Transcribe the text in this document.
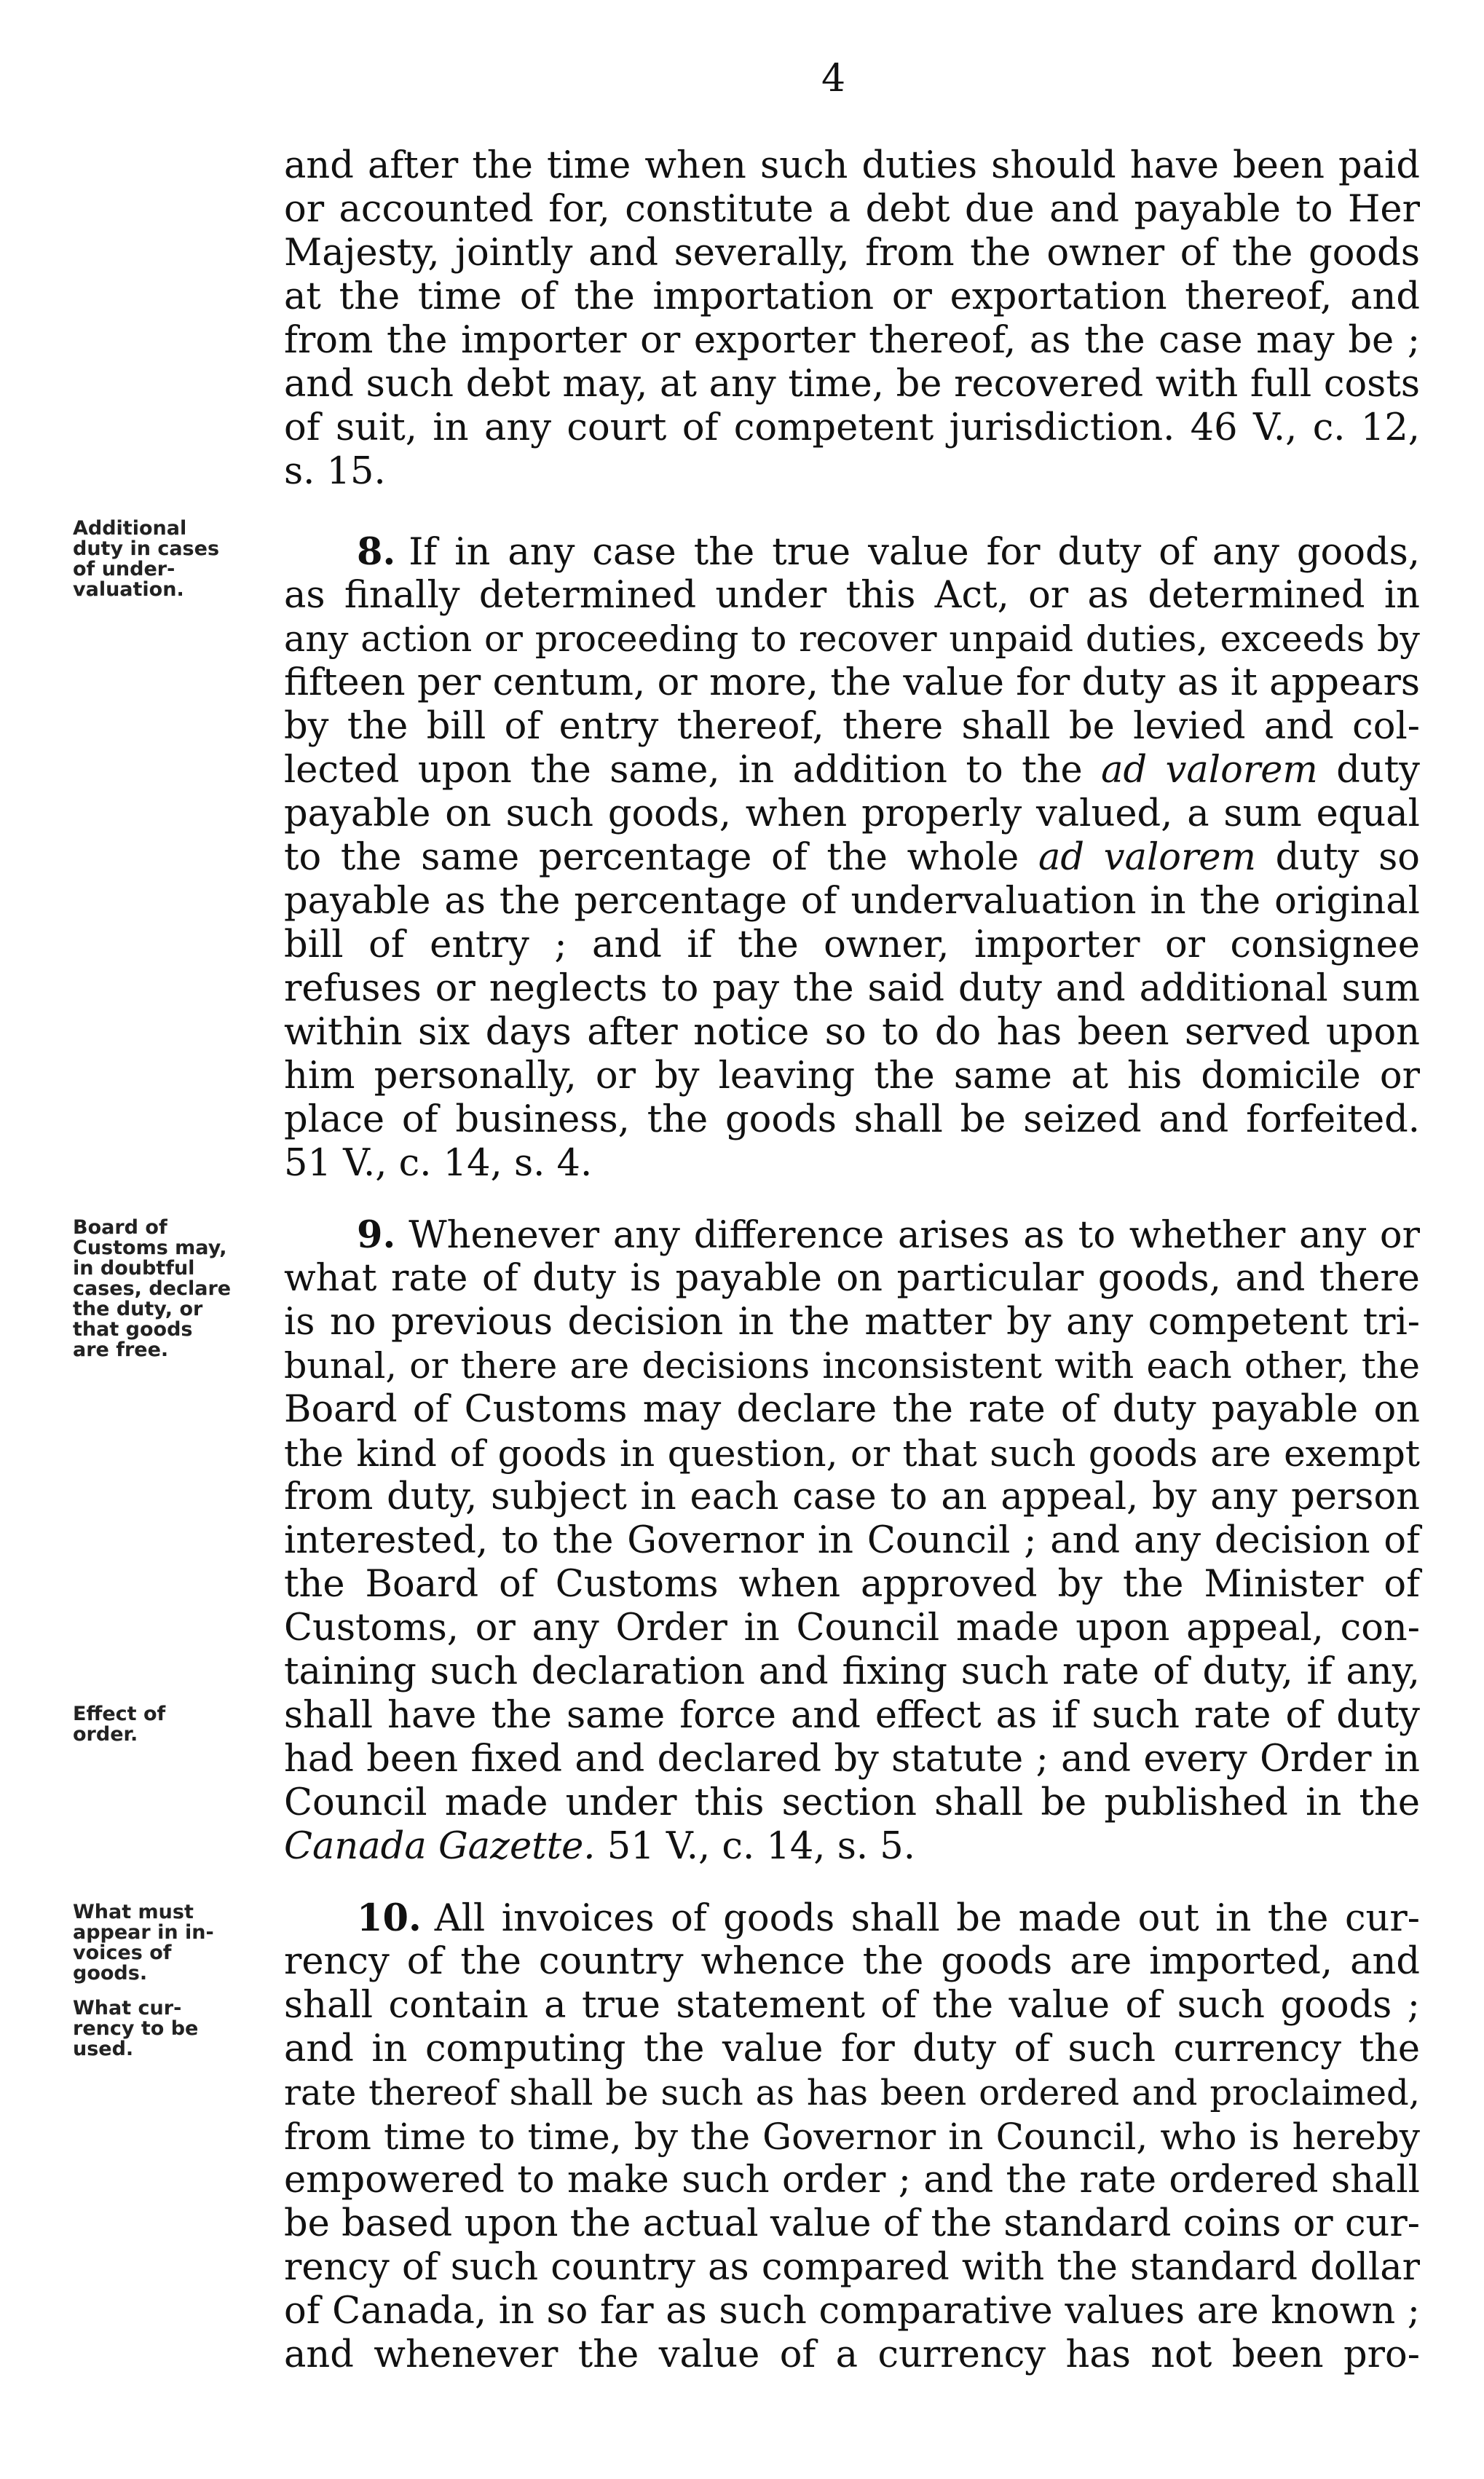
4
and after the time when such duties should have been paid
or accounted for, constitute a debt due and payable to Her
Majesty, jointly and severally, from the owner of the goods
at the time of the importation or exportation thereof, and
from the importer or exporter thereof, as the case may be ;
and such debt may, at any time, be recovered with full costs
of suit, in any court of competent jurisdiction. 46 V., c. 12,
s. 15.
Additional
duty in cases
of under-
valuation.
8. If in any case the true value for duty of any goods,
as finally determined under this Act, or as determined in
any action or proceeding to recover unpaid duties, exceeds by
fifteen per centum, or more, the value for duty as it appears
by the bill of entry thereof, there shall be levied and col-
lected upon the same, in addition to the ad valorem duty
payable on such goods, when properly valued, a sum equal
to the same percentage of the whole ad valorem duty so
payable as the percentage of undervaluation in the original
bill of entry ; and if the owner, importer or consignee
refuses or neglects to pay the said duty and additional sum
within six days after notice so to do has been served upon
him personally, or by leaving the same at his domicile or
place of business, the goods shall be seized and forfeited.
51 V., c. 14, s. 4.
Board of
Customs may,
in doubtful
cases, declare
the duty, or
that goods
are free.
Effect of
order.
9. Whenever any difference arises as to whether any or
what rate of duty is payable on particular goods, and there
is no previous decision in the matter by any competent tri-
bunal, or there are decisions inconsistent with each other, the
Board of Customs may declare the rate of duty payable on
the kind of goods in question, or that such goods are exempt
from duty, subject in each case to an appeal, by any person
interested, to the Governor in Council ; and any decision of
the Board of Customs when approved by the Minister of
Customs, or any Order in Council made upon appeal, con-
taining such declaration and fixing such rate of duty, if any,
shall have the same force and effect as if such rate of duty
had been fixed and declared by statute ; and every Order in
Council made under this section shall be published in the
Canada Gazette. 51 V., c. 14, s. 5.
What must
appear in in-
voices of
goods.
What cur-
rency to be
used.
10. All invoices of goods shall be made out in the cur-
rency of the country whence the goods are imported, and
shall contain a true statement of the value of such goods ;
and in computing the value for duty of such currency the
rate thereof shall be such as has been ordered and proclaimed,
from time to time, by the Governor in Council, who is hereby
empowered to make such order ; and the rate ordered shall
be based upon the actual value of the standard coins or cur-
rency of such country as compared with the standard dollar
of Canada, in so far as such comparative values are known ;
and whenever the value of a currency has not been pro-
